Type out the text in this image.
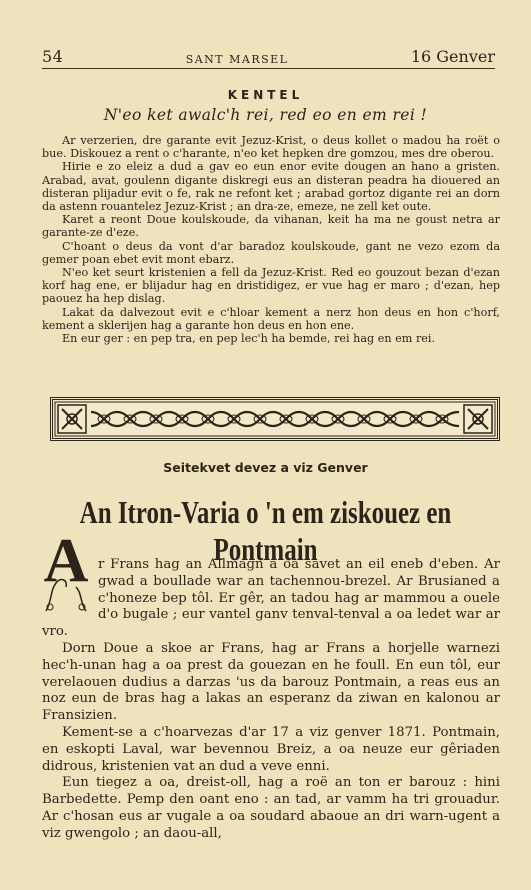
54	SANT MARSEL	16 Genver
KENTEL
N'eo ket awalc'h rei, red eo en em rei !

Ar verzerien, dre garante evit Jezuz-Krist, o deus kollet o madou ha roët o bue. Diskouez a rent o c'harante, n'eo ket hepken dre gomzou, mes dre oberou.

Hirie e zo eleiz a dud a gav eo eun enor evite dougen an hano a gristen. Arabad, avat, goulenn digante diskregi eus an disteran peadra ha diouered an disteran plijadur evit o fe, rak ne refont ket ; arabad gortoz digante rei an dorn da astenn rouantelez Jezuz-Krist ; an dra-ze, emeze, ne zell ket oute.

Karet a reont Doue koulskoude, da vihanan, keit ha ma ne goust netra ar garante-ze d'eze.

C'hoant o deus da vont d'ar baradoz koulskoude, gant ne vezo ezom da gemer poan ebet evit mont ebarz.

N'eo ket seurt kristenien a fell da Jezuz-Krist. Red eo gouzout bezan d'ezan korf hag ene, er blijadur hag en dristidigez, er vue hag er maro ; d'ezan, hep paouez ha hep dislag.

Lakat da dalvezout evit e c'hloar kement a nerz hon deus en hon c'horf, kement a sklerijen hag a garante hon deus en hon ene.

En eur ger : en pep tra, en pep lec'h ha bemde, rei hag en em rei.

Seitekvet devez a viz Genver
An Itron-Varia o 'n em ziskouez en Pontmain

A r Frans hag an Allmagn a oa savet an eil eneb d'eben. Ar gwad a boullade war an tachennou-brezel. Ar Brusianed a c'honeze bep tôl. Er gêr, an tadou hag ar mammou a ouele d'o bugale ; eur vantel ganv tenval-tenval a oa ledet war ar vro.

Dorn Doue a skoe ar Frans, hag ar Frans a horjelle warnezi hec'h-unan hag a oa prest da gouezan en he foull. En eun tôl, eur verelaouen dudius a darzas 'us da barouz Pontmain, a reas eus an noz eun de bras hag a lakas an esperanz da ziwan en kalonou ar Fransizien.

Kement-se a c'hoarvezas d'ar 17 a viz genver 1871. Pontmain, en eskopti Laval, war bevennou Breiz, a oa neuze eur gêriaden didrous, kristenien vat an dud a veve enni.

Eun tiegez a oa, dreist-oll, hag a roë an ton er barouz : hini Barbedette. Pemp den oant eno : an tad, ar vamm ha tri grouadur. Ar c'hosan eus ar vugale a oa soudard abaoue an dri warn-ugent a viz gwengolo ; an daou-all,
